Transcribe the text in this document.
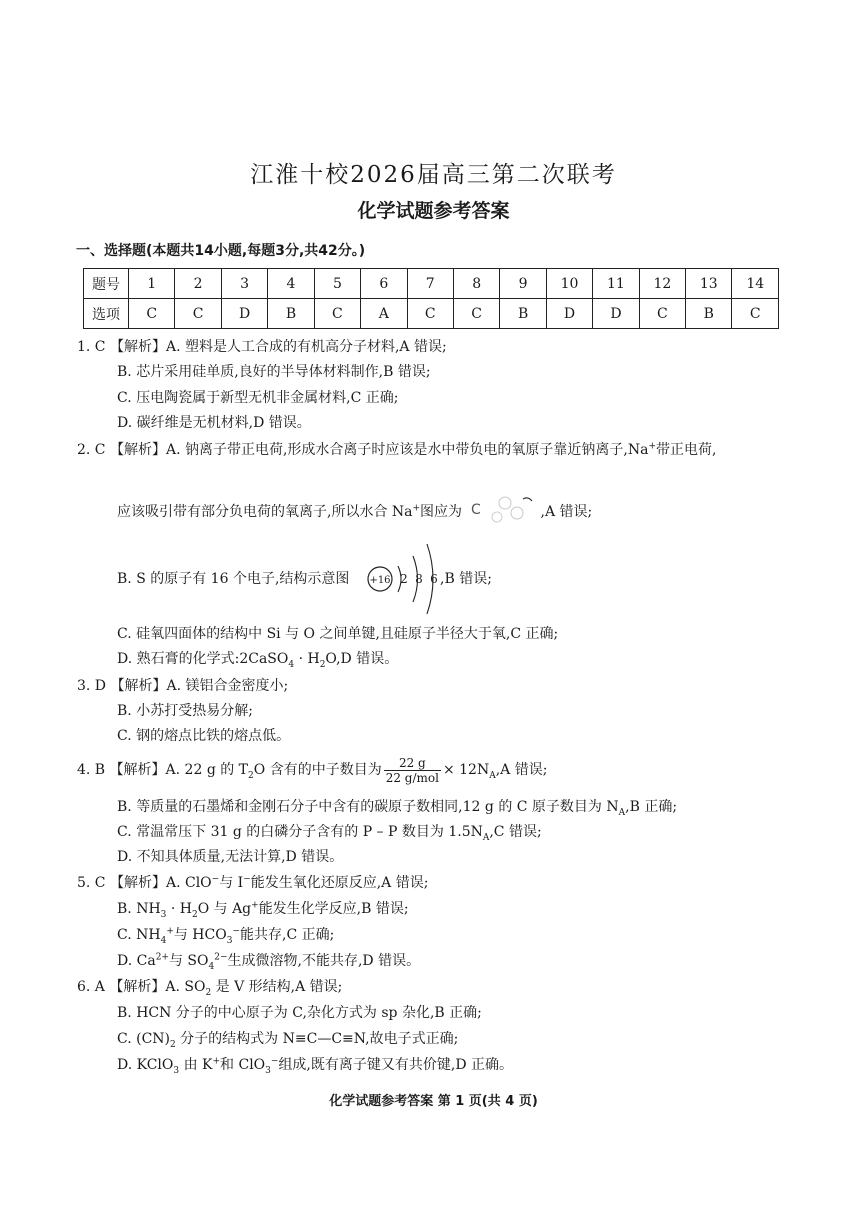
江淮十校2026届高三第二次联考
化学试题参考答案
一、选择题(本题共14小题,每题3分,共42分。)
题号	1	2	3	4	5	6	7	8	9	10	11	12	13	14
选项	C	C	D	B	C	A	C	C	B	D	D	C	B	C
1. C 【解析】A. 塑料是人工合成的有机高分子材料,A 错误;
B. 芯片采用硅单质,良好的半导体材料制作,B 错误;
C. 压电陶瓷属于新型无机非金属材料,C 正确;
D. 碳纤维是无机材料,D 错误。
2. C 【解析】A. 钠离子带正电荷,形成水合离子时应该是水中带负电的氧原子靠近钠离子,Na+带正电荷,
应该吸引带有部分负电荷的氧离子,所以水合 Na+图应为 C	,A 错误;
B. S 的原子有 16 个电子,结构示意图 +16 2 8 6 ,B 错误;
C. 硅氧四面体的结构中 Si 与 O 之间单键,且硅原子半径大于氧,C 正确;
D. 熟石膏的化学式:2CaSO$_4$ · $H_2O,D$ 错误。
3. D 【解析】A. 镁铝合金密度小;
B. 小苏打受热易分解;
C. 钢的熔点比铁的熔点低。
4. B 【解析】A. 22 g 的 $T_2O$ 含有的中子数目为 $\frac{22 g}{\text{22 g/mol}} \times 12N_A,A$ 错误;
B. 等质量的石墨烯和金刚石分子中含有的碳原子数相同,12 g 的 C 原子数目为 $N_A,B$ 正确;
C. 常温常压下 31 g 的白磷分子含有的 P – P 数目为 $1.5N_A,C$ 错误;
D. 不知具体质量,无法计算,D 错误。
5. C 【解析】A. ClO−与 I−能发生氧化还原反应,A 错误;
B. $NH_3 \cdot H_2O$ 与 Ag+能发生化学反应,B 错误;
C. $NH_4^+$与 $HCO_3^-$能共存,C 正确;
D. $Ca^{2+}$与 $SO_4^{2-}$生成微溶物,不能共存,D 错误。
6. A 【解析】A. $SO_2$ 是 V 形结构,A 错误;
B. HCN 分子的中心原子为 C,杂化方式为 sp 杂化,B 正确;
C. $(CN)_2$ 分子的结构式为 N≡C—C≡N,故电子式正确;
D. KClO$_3$ 由 K+和 ClO$_3$−组成,既有离子键又有共价键,D 正确。
化学试题参考答案 第 1 页(共 4 页)
